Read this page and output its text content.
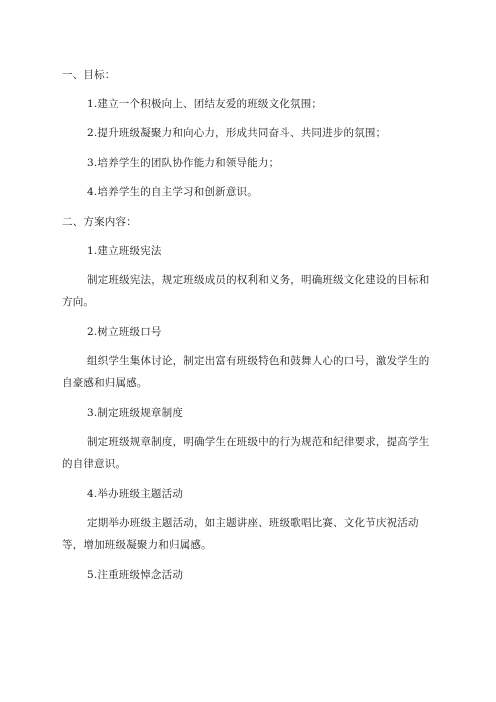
一、目标：
1.建立一个积极向上、团结友爱的班级文化氛围；
2.提升班级凝聚力和向心力，形成共同奋斗、共同进步的氛围；
3.培养学生的团队协作能力和领导能力；
4.培养学生的自主学习和创新意识。
二、方案内容：
1.建立班级宪法
制定班级宪法，规定班级成员的权利和义务，明确班级文化建设的目标和方向。
2.树立班级口号
组织学生集体讨论，制定出富有班级特色和鼓舞人心的口号，激发学生的自豪感和归属感。
3.制定班级规章制度
制定班级规章制度，明确学生在班级中的行为规范和纪律要求，提高学生的自律意识。
4.举办班级主题活动
定期举办班级主题活动，如主题讲座、班级歌唱比赛、文化节庆祝活动等，增加班级凝聚力和归属感。
5.注重班级悼念活动
